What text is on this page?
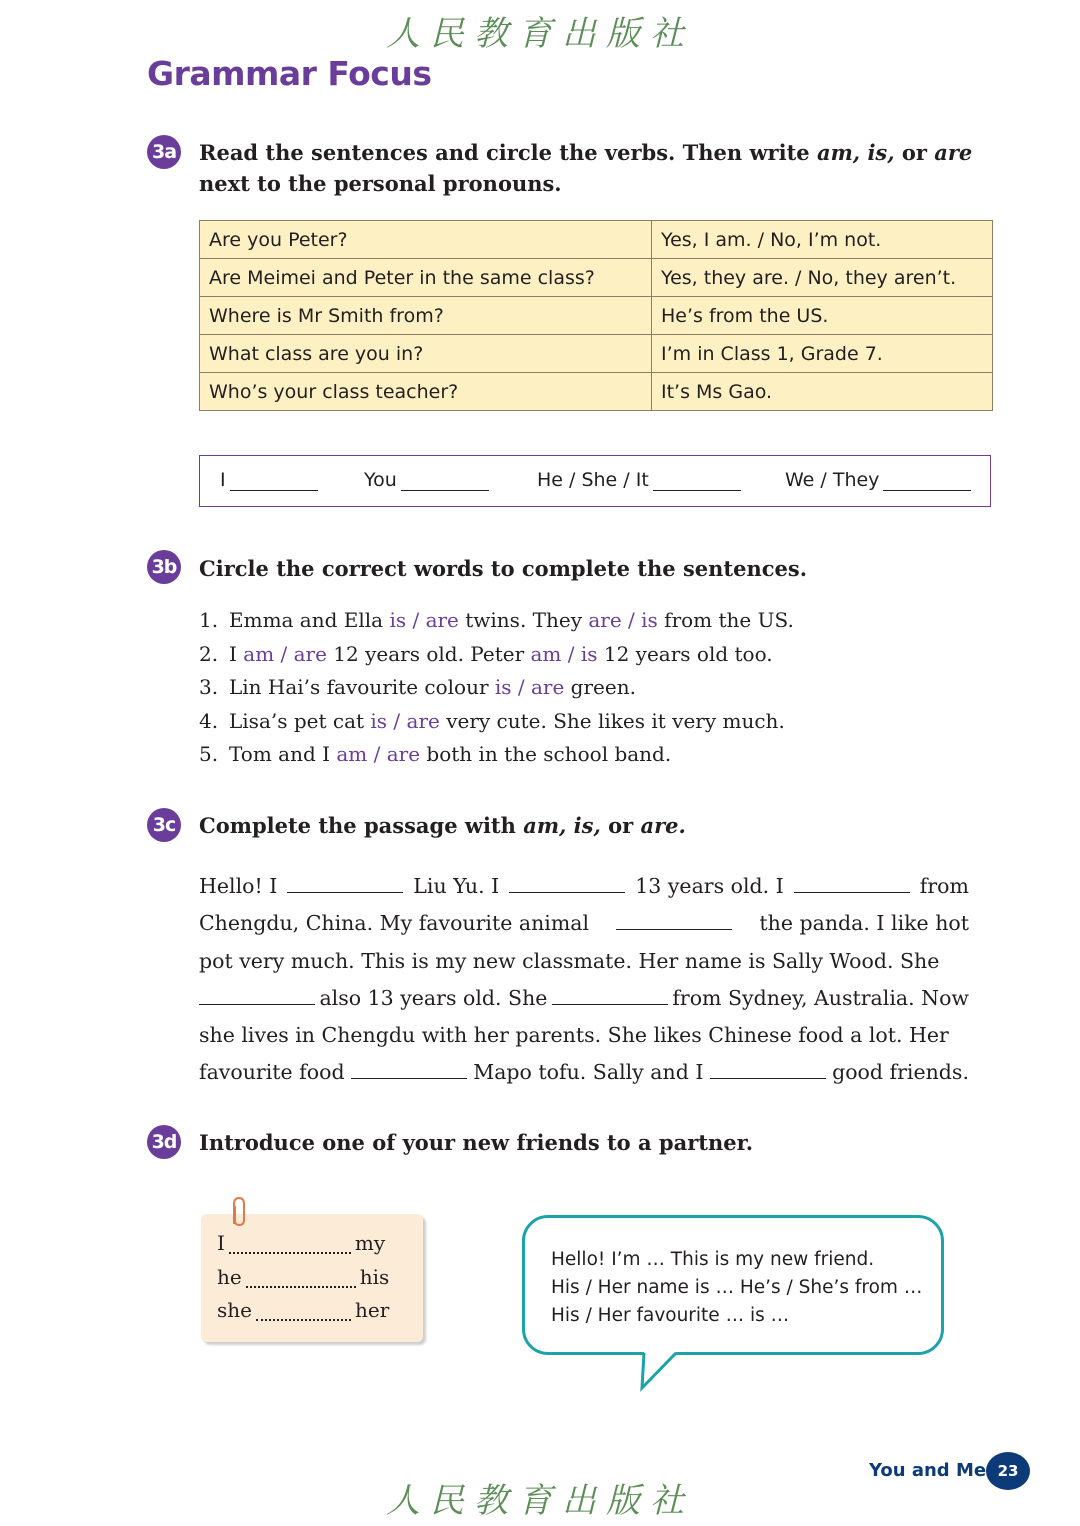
人民教育出版社
Grammar Focus
3a Read the sentences and circle the verbs. Then write am, is, or are next to the personal pronouns.
Are you Peter?	Yes, I am. / No, I’m not.
Are Meimei and Peter in the same class?	Yes, they are. / No, they aren’t.
Where is Mr Smith from?	He’s from the US.
What class are you in?	I’m in Class 1, Grade 7.
Who’s your class teacher?	It’s Ms Gao.
I	You	He / She / It	We / They
3b Circle the correct words to complete the sentences.
1. Emma and Ella is / are twins. They are / is from the US.
2. I am / are 12 years old. Peter am / is 12 years old too.
3. Lin Hai’s favourite colour is / are green.
4. Lisa’s pet cat is / are very cute. She likes it very much.
5. Tom and I am / are both in the school band.
3c Complete the passage with am, is, or are.
Hello! I	Liu Yu. I	13 years old. I	from
Chengdu, China. My favourite animal	the panda. I like hot
pot very much. This is my new classmate. Her name is Sally Wood. She
also 13 years old. She	from Sydney, Australia. Now
she lives in Chengdu with her parents. She likes Chinese food a lot. Her
favourite food	Mapo tofu. Sally and I	good friends.
3d Introduce one of your new friends to a partner.
I	my
he	his
she	her
Hello! I’m … This is my new friend.
His / Her name is … He’s / She’s from …
His / Her favourite … is …
You and Me 23
人民教育出版社
